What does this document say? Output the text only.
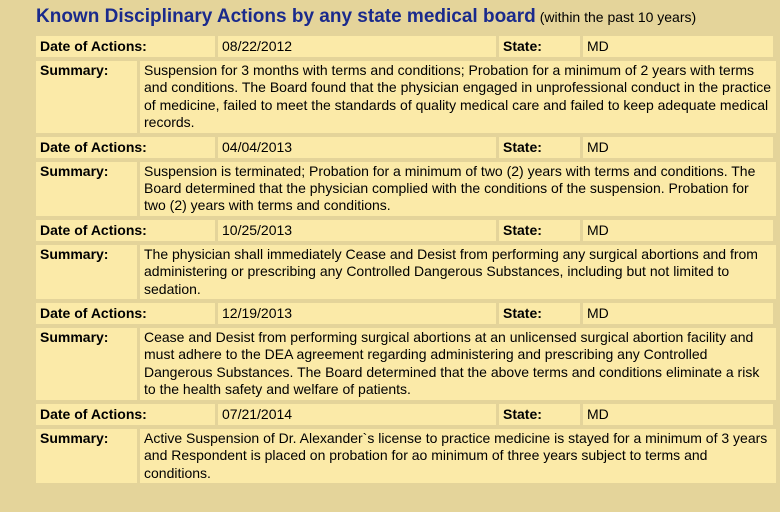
Known Disciplinary Actions by any state medical board (within the past 10 years)
Date of Actions:	08/22/2012	State:	MD
Summary:	Suspension for 3 months with terms and conditions; Probation for a minimum of 2 years with terms and conditions. The Board found that the physician engaged in unprofessional conduct in the practice of medicine, failed to meet the standards of quality medical care and failed to keep adequate medical records.
Date of Actions:	04/04/2013	State:	MD
Summary:	Suspension is terminated; Probation for a minimum of two (2) years with terms and conditions. The Board determined that the physician complied with the conditions of the suspension. Probation for two (2) years with terms and conditions.
Date of Actions:	10/25/2013	State:	MD
Summary:	The physician shall immediately Cease and Desist from performing any surgical abortions and from administering or prescribing any Controlled Dangerous Substances, including but not limited to sedation.
Date of Actions:	12/19/2013	State:	MD
Summary:	Cease and Desist from performing surgical abortions at an unlicensed surgical abortion facility and must adhere to the DEA agreement regarding administering and prescribing any Controlled Dangerous Substances. The Board determined that the above terms and conditions eliminate a risk to the health safety and welfare of patients.
Date of Actions:	07/21/2014	State:	MD
Summary:	Active Suspension of Dr. Alexander`s license to practice medicine is stayed for a minimum of 3 years and Respondent is placed on probation for ao minimum of three years subject to terms and conditions.
